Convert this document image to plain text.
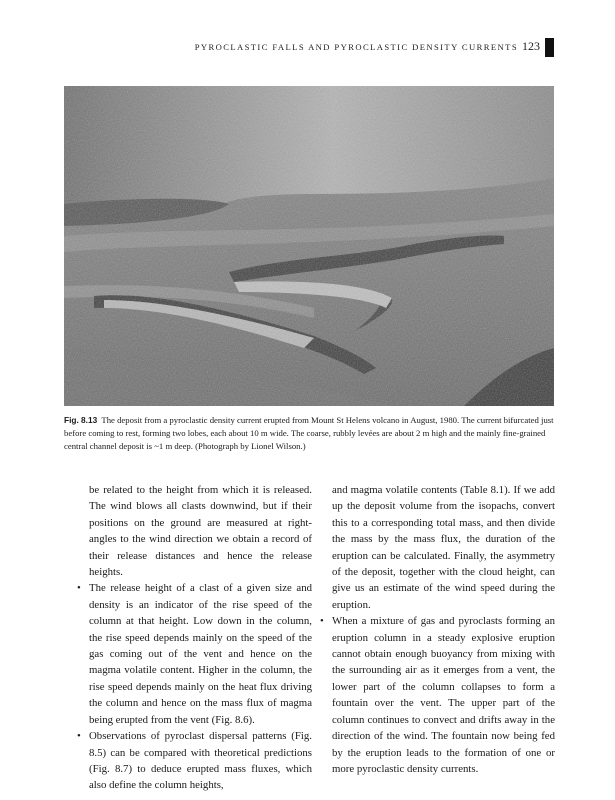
PYROCLASTIC FALLS AND PYROCLASTIC DENSITY CURRENTS 123
Fig. 8.13 The deposit from a pyroclastic density current erupted from Mount St Helens volcano in August, 1980. The current bifurcated just before coming to rest, forming two lobes, each about 10 m wide. The coarse, rubbly levées are about 2 m high and the mainly fine-grained central channel deposit is ~1 m deep. (Photograph by Lionel Wilson.)

be related to the height from which it is released. The wind blows all clasts downwind, but if their positions on the ground are measured at right-angles to the wind direction we obtain a record of their release distances and hence the release heights.

• The release height of a clast of a given size and density is an indicator of the rise speed of the column at that height. Low down in the column, the rise speed depends mainly on the speed of the gas coming out of the vent and hence on the magma volatile content. Higher in the column, the rise speed depends mainly on the heat flux driving the column and hence on the mass flux of magma being erupted from the vent (Fig. 8.6).

• Observations of pyroclast dispersal patterns (Fig. 8.5) can be compared with theoretical predictions (Fig. 8.7) to deduce erupted mass fluxes, which also define the column heights,

and magma volatile contents (Table 8.1). If we add up the deposit volume from the isopachs, convert this to a corresponding total mass, and then divide the mass by the mass flux, the duration of the eruption can be calculated. Finally, the asymmetry of the deposit, together with the cloud height, can give us an estimate of the wind speed during the eruption.

• When a mixture of gas and pyroclasts forming an eruption column in a steady explosive eruption cannot obtain enough buoyancy from mixing with the surrounding air as it emerges from a vent, the lower part of the column collapses to form a fountain over the vent. The upper part of the column continues to convect and drifts away in the direction of the wind. The fountain now being fed by the eruption leads to the formation of one or more pyroclastic density currents.
